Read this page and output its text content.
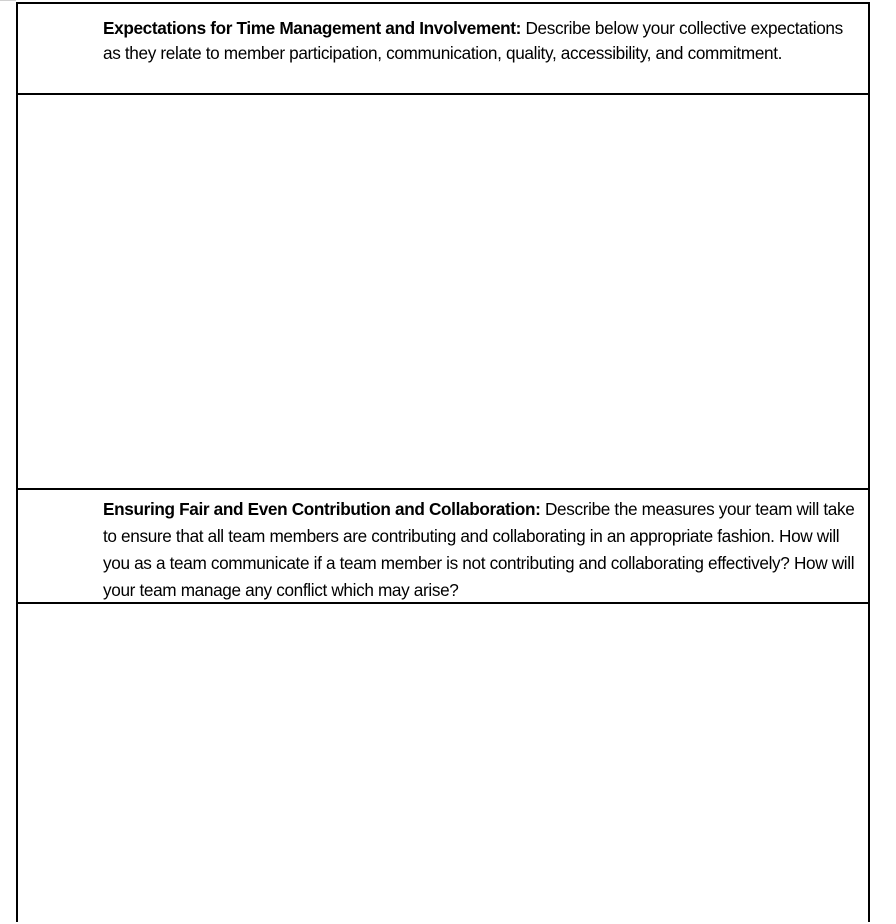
Expectations for Time Management and Involvement: Describe below your collective expectations as they relate to member participation, communication, quality, accessibility, and commitment.
Ensuring Fair and Even Contribution and Collaboration: Describe the measures your team will take to ensure that all team members are contributing and collaborating in an appropriate fashion. How will you as a team communicate if a team member is not contributing and collaborating effectively? How will your team manage any conflict which may arise?
